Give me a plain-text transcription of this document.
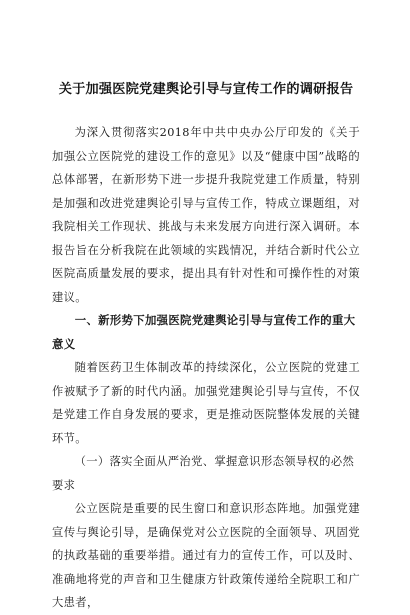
关于加强医院党建舆论引导与宣传工作的调研报告

为深入贯彻落实2018年中共中央办公厅印发的《关于加强公立医院党的建设工作的意见》以及“健康中国”战略的总体部署，在新形势下进一步提升我院党建工作质量，特别是加强和改进党建舆论引导与宣传工作，特成立课题组，对我院相关工作现状、挑战与未来发展方向进行深入调研。本报告旨在分析我院在此领域的实践情况，并结合新时代公立医院高质量发展的要求，提出具有针对性和可操作性的对策建议。

一、新形势下加强医院党建舆论引导与宣传工作的重大意义

随着医药卫生体制改革的持续深化，公立医院的党建工作被赋予了新的时代内涵。加强党建舆论引导与宣传，不仅是党建工作自身发展的要求，更是推动医院整体发展的关键环节。

（一）落实全面从严治党、掌握意识形态领导权的必然要求

公立医院是重要的民生窗口和意识形态阵地。加强党建宣传与舆论引导，是确保党对公立医院的全面领导、巩固党的执政基础的重要举措。通过有力的宣传工作，可以及时、准确地将党的声音和卫生健康方针政策传递给全院职工和广大患者，
